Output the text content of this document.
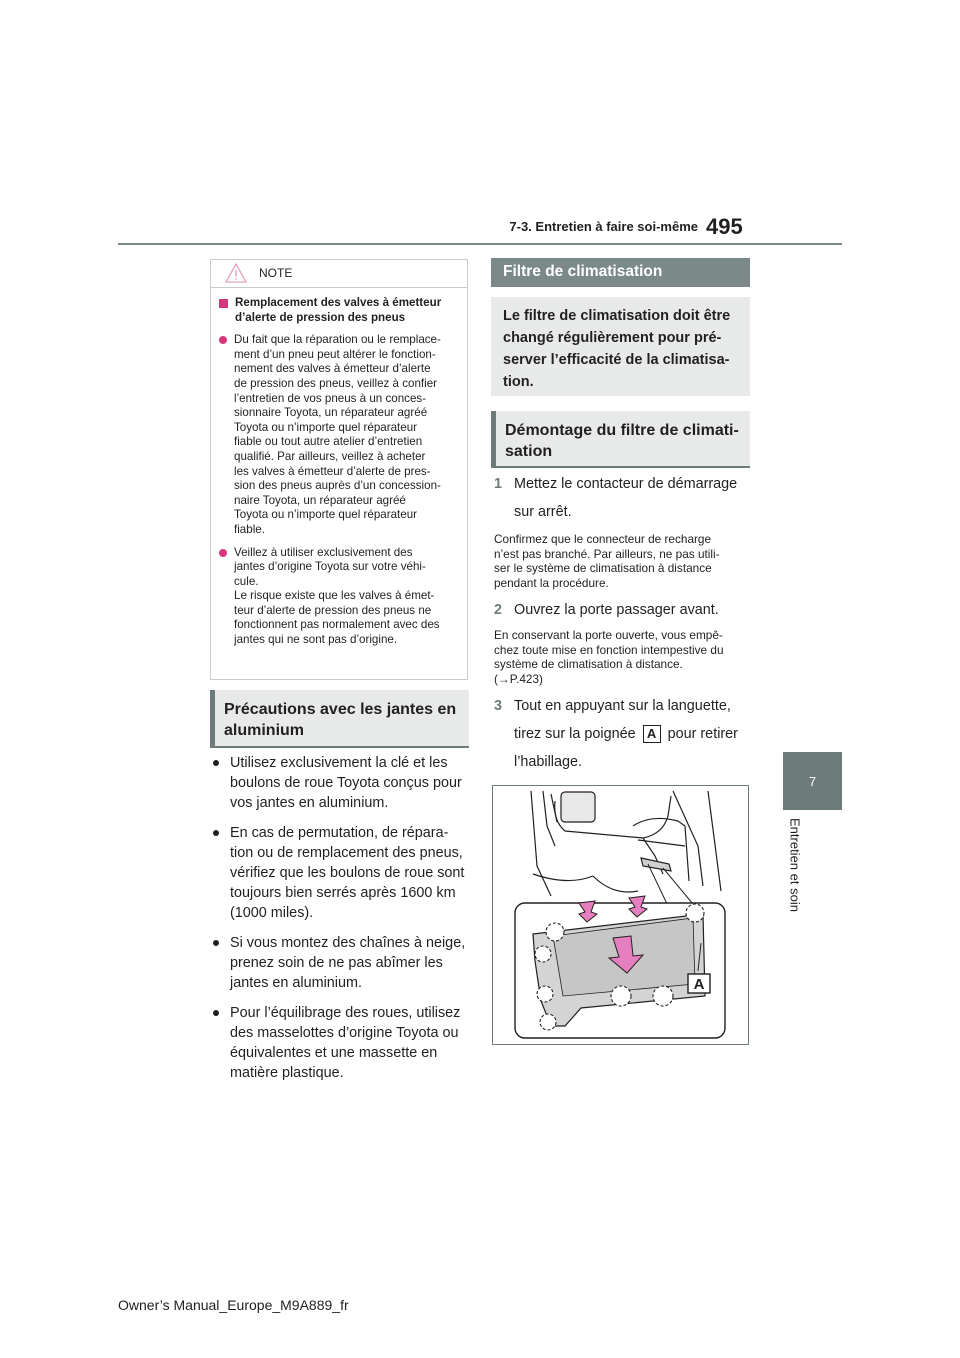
7-3. Entretien à faire soi-même 495
7
Entretien et soin
NOTE
Remplacement des valves à émetteur d’alerte de pression des pneus
Du fait que la réparation ou le remplace-
ment d’un pneu peut altérer le fonction-
nement des valves à émetteur d’alerte
de pression des pneus, veillez à confier
l’entretien de vos pneus à un conces-
sionnaire Toyota, un réparateur agréé
Toyota ou n’importe quel réparateur
fiable ou tout autre atelier d’entretien
qualifié. Par ailleurs, veillez à acheter
les valves à émetteur d’alerte de pres-
sion des pneus auprès d’un concession-
naire Toyota, un réparateur agréé
Toyota ou n’importe quel réparateur
fiable.
Veillez à utiliser exclusivement des
jantes d’origine Toyota sur votre véhi-
cule.
Le risque existe que les valves à émet-
teur d’alerte de pression des pneus ne
fonctionnent pas normalement avec des
jantes qui ne sont pas d’origine.
Précautions avec les jantes en
aluminium
Utilisez exclusivement la clé et les
boulons de roue Toyota conçus pour
vos jantes en aluminium.
En cas de permutation, de répara-
tion ou de remplacement des pneus,
vérifiez que les boulons de roue sont
toujours bien serrés après 1600 km
(1000 miles).
Si vous montez des chaînes à neige,
prenez soin de ne pas abîmer les
jantes en aluminium.
Pour l’équilibrage des roues, utilisez
des masselottes d’origine Toyota ou
équivalentes et une massette en
matière plastique.
Filtre de climatisation
Le filtre de climatisation doit être
changé régulièrement pour pré-
server l’efficacité de la climatisa-
tion.
Démontage du filtre de climati-
sation
1 Mettez le contacteur de démarrage
sur arrêt.
Confirmez que le connecteur de recharge
n’est pas branché. Par ailleurs, ne pas utili-
ser le système de climatisation à distance
pendant la procédure.
2 Ouvrez la porte passager avant.
En conservant la porte ouverte, vous empê-
chez toute mise en fonction intempestive du
système de climatisation à distance.
(→P.423)
3 Tout en appuyant sur la languette,
tirez sur la poignée A pour retirer
l’habillage.
A
Owner’s Manual_Europe_M9A889_fr
